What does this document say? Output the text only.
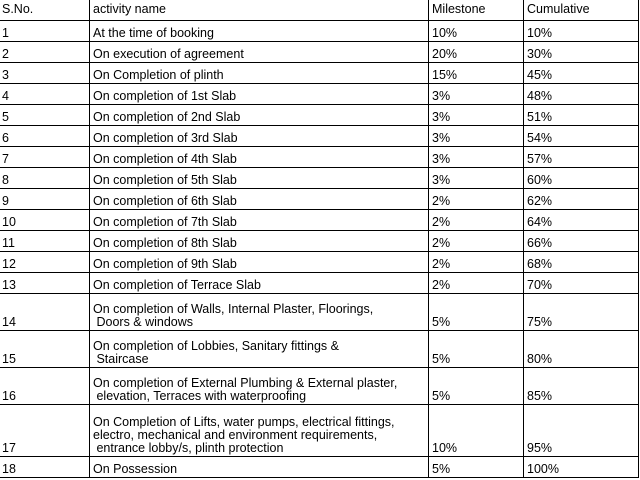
S.No.	activity name	Milestone	Cumulative
1	At the time of booking	10%	10%
2	On execution of agreement	20%	30%
3	On Completion of plinth	15%	45%
4	On completion of 1st Slab	3%	48%
5	On completion of 2nd Slab	3%	51%
6	On completion of 3rd Slab	3%	54%
7	On completion of 4th Slab	3%	57%
8	On completion of 5th Slab	3%	60%
9	On completion of 6th Slab	2%	62%
10	On completion of 7th Slab	2%	64%
11	On completion of 8th Slab	2%	66%
12	On completion of 9th Slab	2%	68%
13	On completion of Terrace Slab	2%	70%
14	On completion of Walls, Internal Plaster, Floorings,
Doors & windows	5%	75%
15	On completion of Lobbies, Sanitary fittings &
Staircase	5%	80%
16	On completion of External Plumbing & External plaster,
elevation, Terraces with waterproofing	5%	85%
17	On Completion of Lifts, water pumps, electrical fittings,
electro, mechanical and environment requirements,
entrance lobby/s, plinth protection	10%	95%
18	On Possession	5%	100%
